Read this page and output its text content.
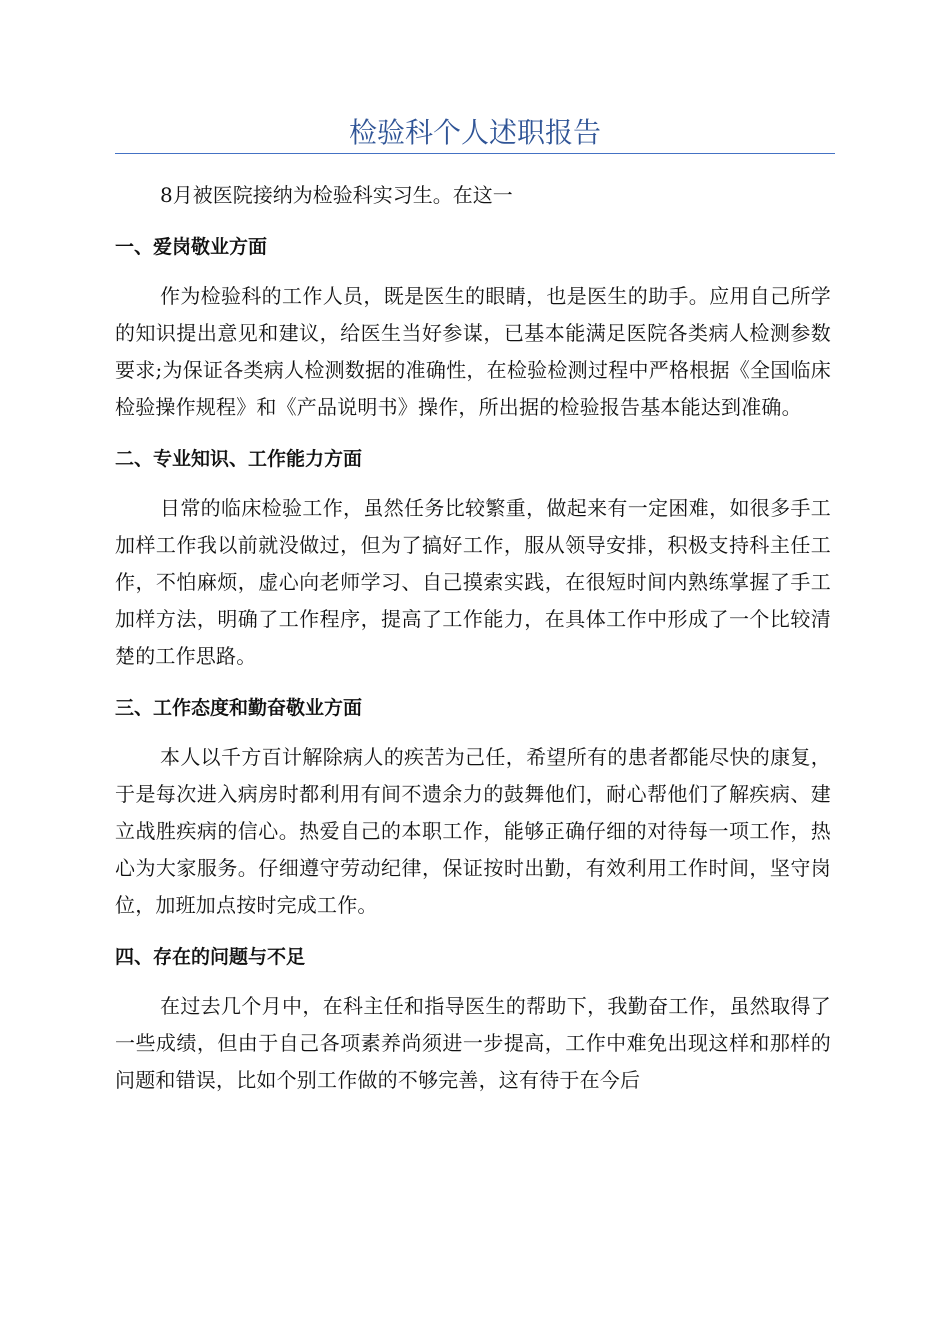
检验科个人述职报告

8月被医院接纳为检验科实习生。在这一

一、爱岗敬业方面

作为检验科的工作人员，既是医生的眼睛，也是医生的助手。应用自己所学的知识提出意见和建议，给医生当好参谋，已基本能满足医院各类病人检测参数要求;为保证各类病人检测数据的准确性，在检验检测过程中严格根据《全国临床检验操作规程》和《产品说明书》操作，所出据的检验报告基本能达到准确。

二、专业知识、工作能力方面

日常的临床检验工作，虽然任务比较繁重，做起来有一定困难，如很多手工加样工作我以前就没做过，但为了搞好工作，服从领导安排，积极支持科主任工作，不怕麻烦，虚心向老师学习、自己摸索实践，在很短时间内熟练掌握了手工加样方法，明确了工作程序，提高了工作能力，在具体工作中形成了一个比较清楚的工作思路。

三、工作态度和勤奋敬业方面

本人以千方百计解除病人的疾苦为己任，希望所有的患者都能尽快的康复，于是每次进入病房时都利用有间不遗余力的鼓舞他们，耐心帮他们了解疾病、建立战胜疾病的信心。热爱自己的本职工作，能够正确仔细的对待每一项工作，热心为大家服务。仔细遵守劳动纪律，保证按时出勤，有效利用工作时间，坚守岗位，加班加点按时完成工作。

四、存在的问题与不足

在过去几个月中，在科主任和指导医生的帮助下，我勤奋工作，虽然取得了一些成绩，但由于自己各项素养尚须进一步提高，工作中难免出现这样和那样的问题和错误，比如个别工作做的不够完善，这有待于在今后
